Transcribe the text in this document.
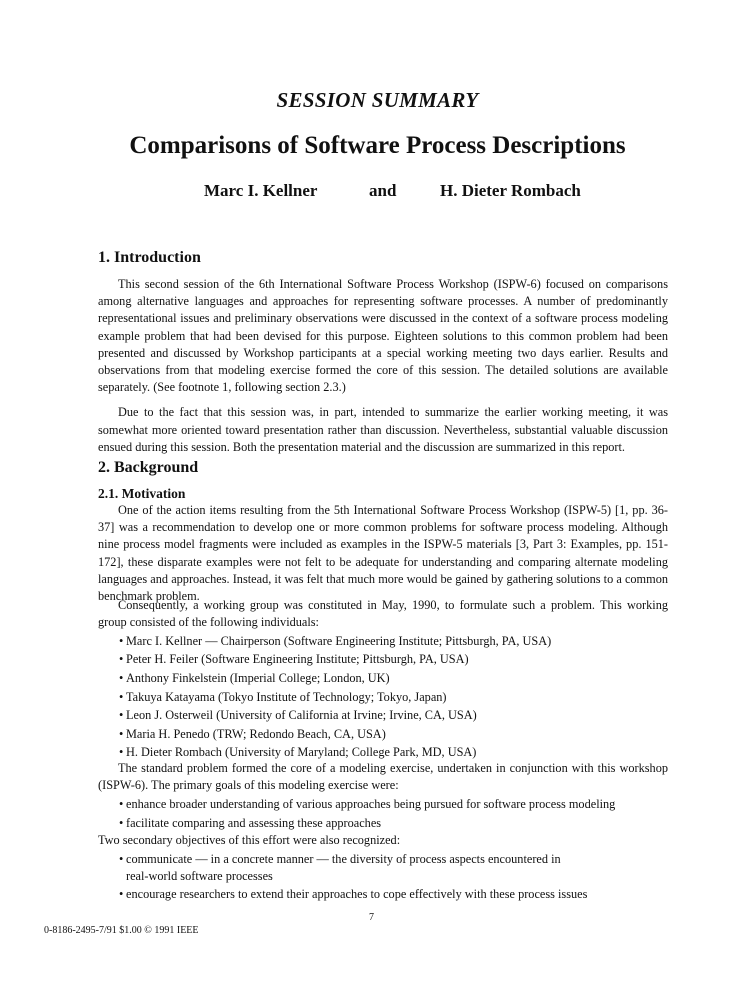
SESSION SUMMARY
Comparisons of Software Process Descriptions
Marc I. Kellner	and	H. Dieter Rombach
1. Introduction

This second session of the 6th International Software Process Workshop (ISPW-6) focused on comparisons among alternative languages and approaches for representing software processes. A number of predominantly representational issues and preliminary observations were discussed in the context of a software process modeling example problem that had been devised for this purpose. Eighteen solutions to this common problem had been presented and discussed by Workshop participants at a special working meeting two days earlier. Results and observations from that modeling exercise formed the core of this session. The detailed solutions are available separately. (See footnote 1, following section 2.3.)

Due to the fact that this session was, in part, intended to summarize the earlier working meeting, it was somewhat more oriented toward presentation rather than discussion. Nevertheless, substantial valuable discussion ensued during this session. Both the presentation material and the discussion are summarized in this report.

2. Background
2.1. Motivation

One of the action items resulting from the 5th International Software Process Workshop (ISPW-5) [1, pp. 36-37] was a recommendation to develop one or more common problems for software process modeling. Although nine process model fragments were included as examples in the ISPW-5 materials [3, Part 3: Examples, pp. 151-172], these disparate examples were not felt to be adequate for understanding and comparing alternate modeling languages and approaches. Instead, it was felt that much more would be gained by gathering solutions to a common benchmark problem.

Consequently, a working group was constituted in May, 1990, to formulate such a problem. This working group consisted of the following individuals:

• Marc I. Kellner — Chairperson (Software Engineering Institute; Pittsburgh, PA, USA)
• Peter H. Feiler (Software Engineering Institute; Pittsburgh, PA, USA)
• Anthony Finkelstein (Imperial College; London, UK)
• Takuya Katayama (Tokyo Institute of Technology; Tokyo, Japan)
• Leon J. Osterweil (University of California at Irvine; Irvine, CA, USA)
• Maria H. Penedo (TRW; Redondo Beach, CA, USA)
• H. Dieter Rombach (University of Maryland; College Park, MD, USA)

The standard problem formed the core of a modeling exercise, undertaken in conjunction with this workshop (ISPW-6). The primary goals of this modeling exercise were:

• enhance broader understanding of various approaches being pursued for software process modeling
• facilitate comparing and assessing these approaches

Two secondary objectives of this effort were also recognized:

• communicate — in a concrete manner — the diversity of process aspects encountered in real-world software processes
• encourage researchers to extend their approaches to cope effectively with these process issues
7
0-8186-2495-7/91 $1.00 © 1991 IEEE
